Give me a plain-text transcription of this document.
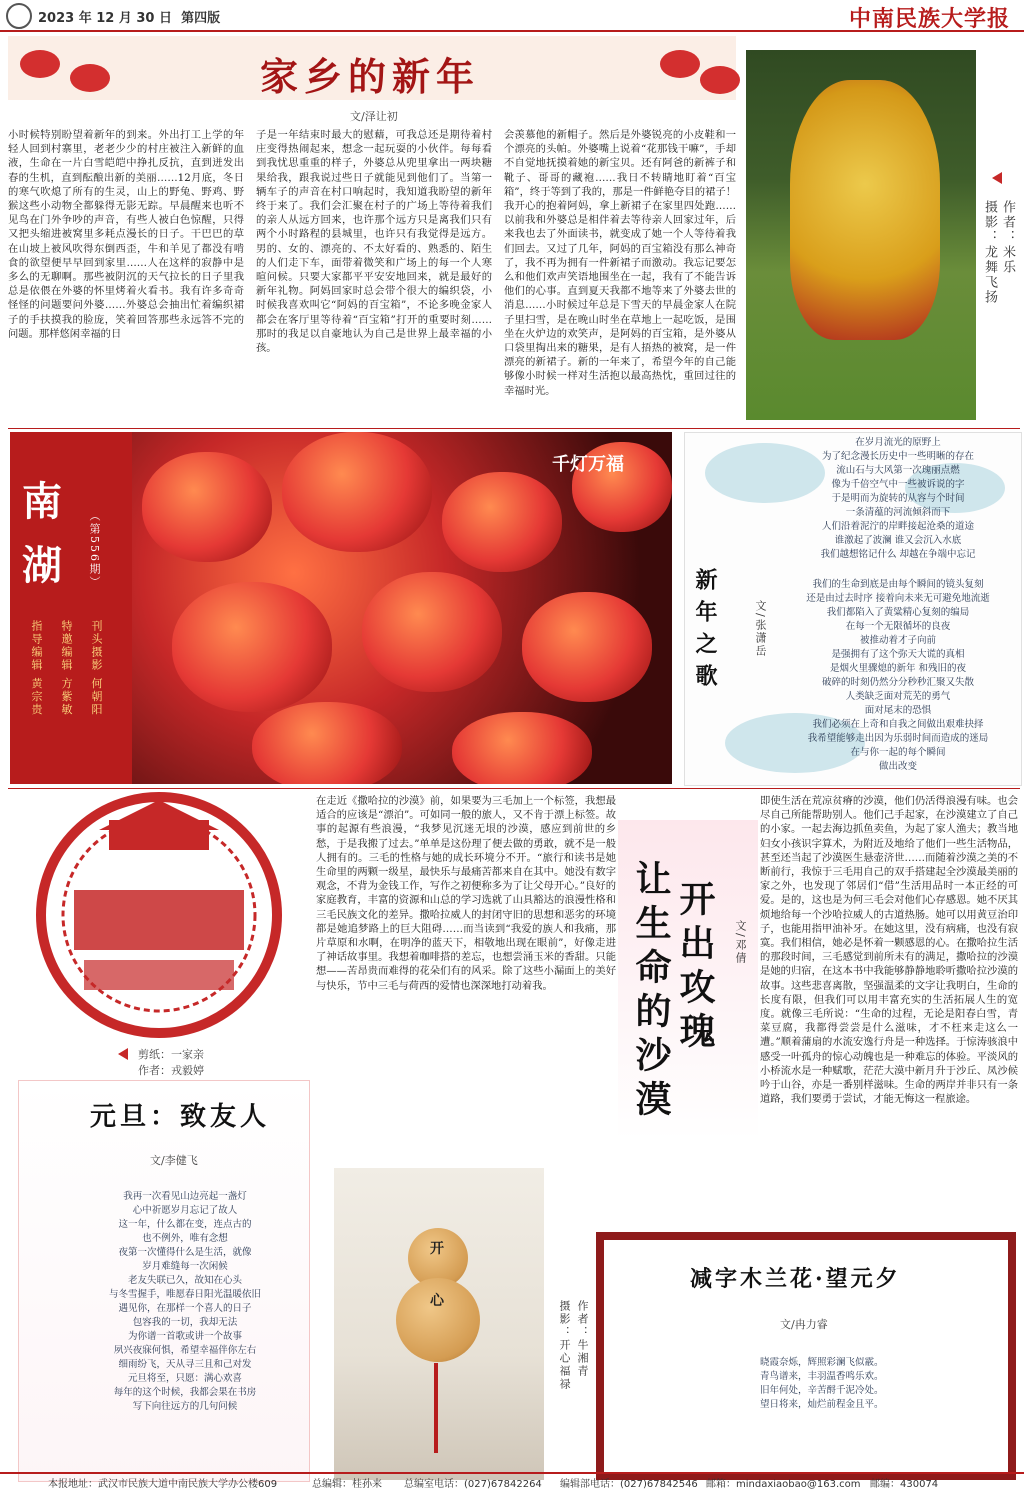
2023 年 12 月 30 日 第四版	中南民族大学报
家乡的新年
文/泽让初

小时候特别盼望着新年的到来。外出打工上学的年轻人回到村寨里，老老少少的村庄被注入新鲜的血液，生命在一片白雪皑皑中挣扎反抗，直到迸发出春的生机，直到酝酿出新的美丽……12月底，冬日的寒气吹熄了所有的生灵，山上的野兔、野鸡、野猴这些小动物全都躲得无影无踪。早晨醒来也听不见鸟在门外争吵的声音，有些人被白色惊醒，只得又把头缩进被窝里多耗点漫长的日子。干巴巴的草在山坡上被风吹得东倒西歪，牛和羊见了都没有啃食的欲望便早早回到家里……人在这样的寂静中是多么的无聊啊。那些被阴沉的天气拉长的日子里我总是依偎在外婆的怀里烤着火看书。我有许多奇奇怪怪的问题要问外婆……外婆总会抽出忙着编织裙子的手扶摸我的脸庞，笑着回答那些永远答不完的问题。那样悠闲幸福的日

子是一年结束时最大的慰藉，可我总还是期待着村庄变得热闹起来，想念一起玩耍的小伙伴。每每看到我忧思重重的样子，外婆总从兜里拿出一两块糖果给我，跟我说过些日子就能见到他们了。当第一辆车子的声音在村口响起时，我知道我盼望的新年终于来了。我们会汇聚在村子的广场上等待着我们的亲人从远方回来，也许那个远方只是离我们只有两个小时路程的县城里，也许只有我觉得是远方。男的、女的、漂亮的、不太好看的、熟悉的、陌生的人们走下车，面带着微笑和广场上的每一个人寒暄问候。只要大家都平平安安地回来，就是最好的新年礼物。阿妈回家时总会带个很大的编织袋，小时候我喜欢叫它“阿妈的百宝箱”，不论多晚金家人都会在客厅里等待着“百宝箱”打开的重要时刻……那时的我足以自豪地认为自己是世界上最幸福的小孩。

会羡慕他的新帽子。然后是外婆锐亮的小皮鞋和一个漂亮的头帕。外婆嘴上说着“花那钱干嘛”，手却不自觉地抚摸着她的新宝贝。还有阿爸的新裤子和靴子、哥哥的藏袍……我日不转睛地盯着“百宝箱”，终于等到了我的，那是一件鲜艳夺目的裙子！我开心的抱着阿妈，拿上新裙子在家里四处跑……以前我和外婆总是相伴着去等待亲人回家过年，后来我也去了外面读书，就变成了她一个人等待着我们回去。又过了几年，阿妈的百宝箱没有那么神奇了，我不再为拥有一件新裙子而激动。我忘记要怎么和他们欢声笑语地围坐在一起，我有了不能告诉他们的心事。直到夏天我都不地等来了外婆去世的消息……小时候过年总是下雪天的早晨金家人在院子里扫雪，是在晚山时坐在草地上一起吃饭，是围坐在火炉边的欢笑声，是阿妈的百宝箱，是外婆从口袋里掏出来的糖果，是有人捂热的被窝，是一件漂亮的新裙子。新的一年来了，希望今年的自己能够像小时候一样对生活抱以最高热忱，重回过往的幸福时光。

作者：米乐
摄影：龙舞飞扬
南湖	（第556期）
刊头摄影 何朝阳
特邀编辑 方紫敏
指导编辑 黄宗贵
千灯万福
新年之歌	文/张潇岳
在岁月流光的原野上
为了纪念漫长历史中一些明晰的存在
流山石与大风第一次瑰丽点燃
像为千倍空气中一些被诉说的字
于是明而为旋转的从容与个时间
一条清蕴的河流倾斜而下
人们沿着泥泞的岸畔接起沧桑的道途
谁激起了波澜 谁又会沉入水底
我们越想铭记什么 却越在争端中忘记
我们的生命到底是由每个瞬间的镜头复刻
还是由过去时序 接着向未来无可避免地流逝
我们都陷入了黄粱精心复刻的编局
在每一个无限循坏的良夜
被推动着才子向前
是强拥有了这个弥天大谎的真相
是烟火里骤熄的新年 和残旧的夜
破碎的时刻仍然分分秒秒汇聚又失散
人类缺乏面对荒芜的勇气
面对尾末的恐惧
我们必须在上奇和自我之间做出艰难抉择
我希望能够走出因为乐弱时间而造成的迷局
在与你一起的每个瞬间
做出改变
剪纸：一家亲
作者：戎毅婷
元旦：致友人
文/李健飞
我再一次看见山边亮起一盏灯
心中祈愿岁月忘记了故人
这一年，什么都在变，连点古的
也不例外，唯有念想
夜第一次懂得什么是生活，就像
岁月难缝每一次闲候
老友失联已久，故知在心头
与冬雪握手，唯愿春日阳光温暖依旧
遇见你，在那样一个喜人的日子
包容我的一切，我却无法
为你谱一首歌或讲一个故事
夙兴夜寐何惧，希望幸福伴你左右
细雨纷飞，天从寻三且和己对发
元旦将至，只愿：满心欢喜
每年的这个时候，我都会果在书房
写下向往远方的几句问候

在走近《撒哈拉的沙漠》前，如果要为三毛加上一个标签，我想最适合的应该是“漂泊”。可如同一般的旅人，又不肯于漂上标签。故事的起源有些浪漫，“我梦见沉迷无垠的沙漠，感应到前世的乡愁，于是我搬了过去。”单单是这份理了便去做的勇敢，就不是一般人拥有的。三毛的性格与她的成长环境分不开。“旅行和读书是她生命里的两颗一级星，最快乐与最痛苦都来自在其中。她没有数字观念，不背为金钱工作，写作之初便称多为了让父母开心。”良好的家庭教育，丰富的资源和山总的学习选就了山具豁达的浪漫性格和三毛民族文化的差异。撒哈拉威人的封闭守旧的思想和恶劣的环境都是她追梦路上的巨大阻碍……而当读到“我爱的族人和我痛，那片草原和水啊，在明净的蓝天下，相敬地出现在眼前”，好像走进了神话故事里。我想着咖啡搭的差忘，也想尝涌玉米的香甜。只能想——苦昂贵而难得的花朵们有的风采。除了这些小漏面上的美好与快乐，节中三毛与荷西的爱情也深深地打动着我。	开出攻瑰
让生命的沙漠	文/邓倩

即使生活在荒凉贫瘠的沙漠，他们仍活得浪漫有味。也会尽自己所能帮助别人。他们己手起家，在沙漠建立了自己的小家。一起去海边抓鱼卖鱼，为起了家人渔夫；教当地妇女小孩识字算术，为附近及地给了他们一些生活物品，甚至还当起了沙漠医生悬壶济世……而随着沙漠之美的不断前行，我惊于三毛用自己的双手搭建起全沙漠最美丽的家之外，也发现了邻居们“借”生活用品时一本正经的可爱。是的，这也是为何三毛会对他们心存感恩。她不厌其烦地给每一个沙哈拉威人的古道热肠。她可以用黄豆治印子，也能用指甲油补牙。在她这里，没有病痛，也没有寂寞。我们相信，她必是怀着一颗感恩的心。在撒哈拉生活的那段时间，三毛感觉到前所未有的满足，撒哈拉的沙漠是她的归宿，在这本书中我能够静静地聆听撒哈拉沙漠的故事。这些悲喜离散，坚强温柔的文字让我明白，生命的长度有限，但我们可以用丰富充实的生活拓展人生的宽度。就像三毛所说：“生命的过程，无论是阳春白雪，青菜豆腐，我都得尝尝是什么滋味，才不枉来走这么一遭。”顺着蒲扇的水流安逸行舟是一种选择。于惊涛骇浪中感受一叶孤舟的惊心动魄也是一种难忘的体验。平淡风的小桥流水是一种赋歌，茫茫大漠中新月升于沙丘、凤沙候吟于山谷，亦是一番别样滋味。生命的两岸并非只有一条道路，我们要勇于尝试，才能无悔这一程旅途。

开
心	作者：牛湘青
摄影：开心福禄
减字木兰花·望元夕
文/冉力睿
晓霞奈烁，辉照彩澜飞似霰。
青鸟谱来，丰羽温香鸣乐欢。
旧年何处，辛苦酹千泥冷处。
望日将来，灿烂前程金且平。
本报地址：武汉市民族大道中南民族大学办公楼609	总编辑：桂孙来 总编室电话：(027)67842264 编辑部电话：(027)67842546 邮箱：mindaxiaobao@163.com 邮编：430074
